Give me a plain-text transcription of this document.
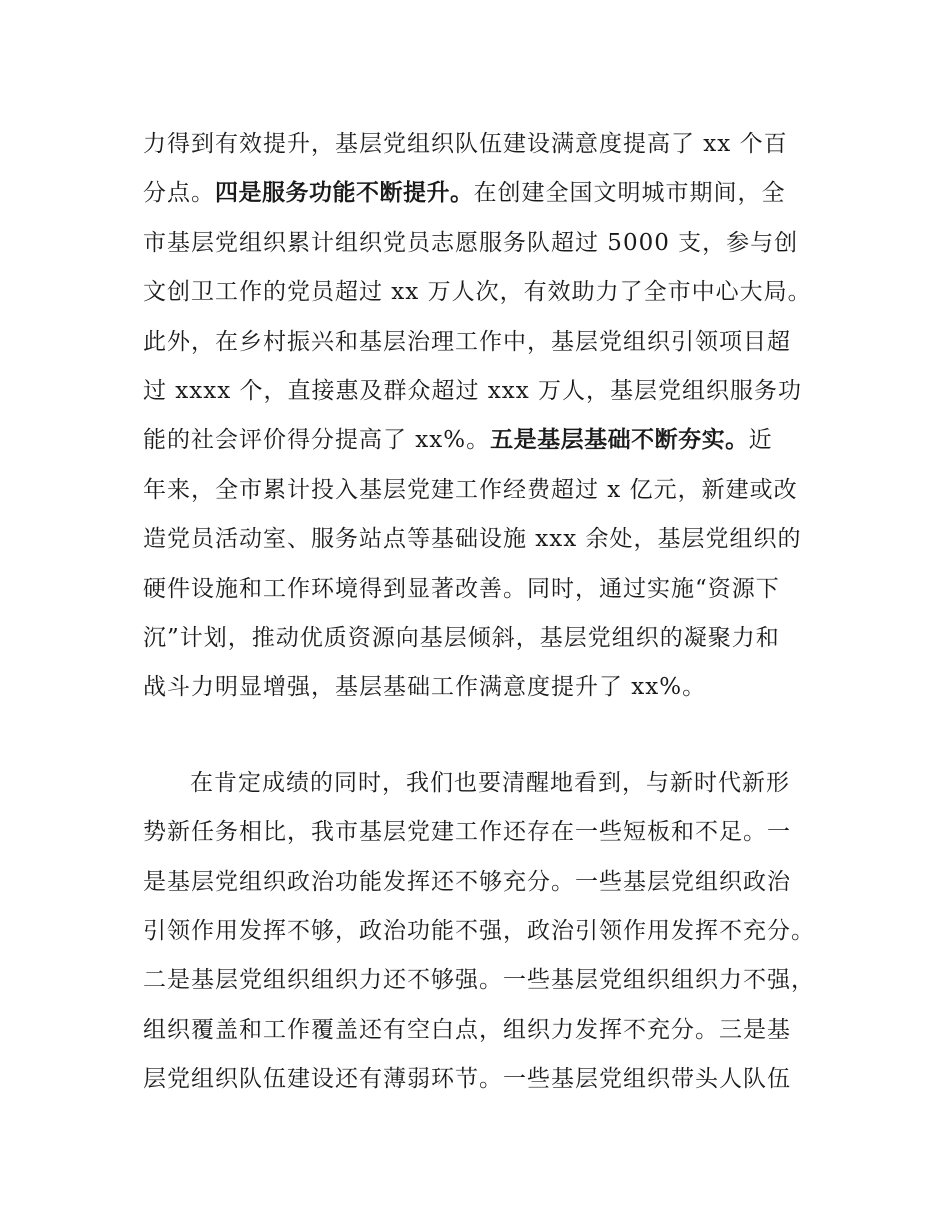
力得到有效提升，基层党组织队伍建设满意度提高了 xx 个百
分点。四是服务功能不断提升。在创建全国文明城市期间，全
市基层党组织累计组织党员志愿服务队超过 5000 支，参与创
文创卫工作的党员超过 xx 万人次，有效助力了全市中心大局。
此外，在乡村振兴和基层治理工作中，基层党组织引领项目超
过 xxxx 个，直接惠及群众超过 xxx 万人，基层党组织服务功
能的社会评价得分提高了 xx%。五是基层基础不断夯实。近
年来，全市累计投入基层党建工作经费超过 x 亿元，新建或改
造党员活动室、服务站点等基础设施 xxx 余处，基层党组织的
硬件设施和工作环境得到显著改善。同时，通过实施“资源下
沉”计划，推动优质资源向基层倾斜，基层党组织的凝聚力和
战斗力明显增强，基层基础工作满意度提升了 xx%。
在肯定成绩的同时，我们也要清醒地看到，与新时代新形
势新任务相比，我市基层党建工作还存在一些短板和不足。一
是基层党组织政治功能发挥还不够充分。一些基层党组织政治
引领作用发挥不够，政治功能不强，政治引领作用发挥不充分。
二是基层党组织组织力还不够强。一些基层党组织组织力不强，
组织覆盖和工作覆盖还有空白点，组织力发挥不充分。三是基
层党组织队伍建设还有薄弱环节。一些基层党组织带头人队伍
